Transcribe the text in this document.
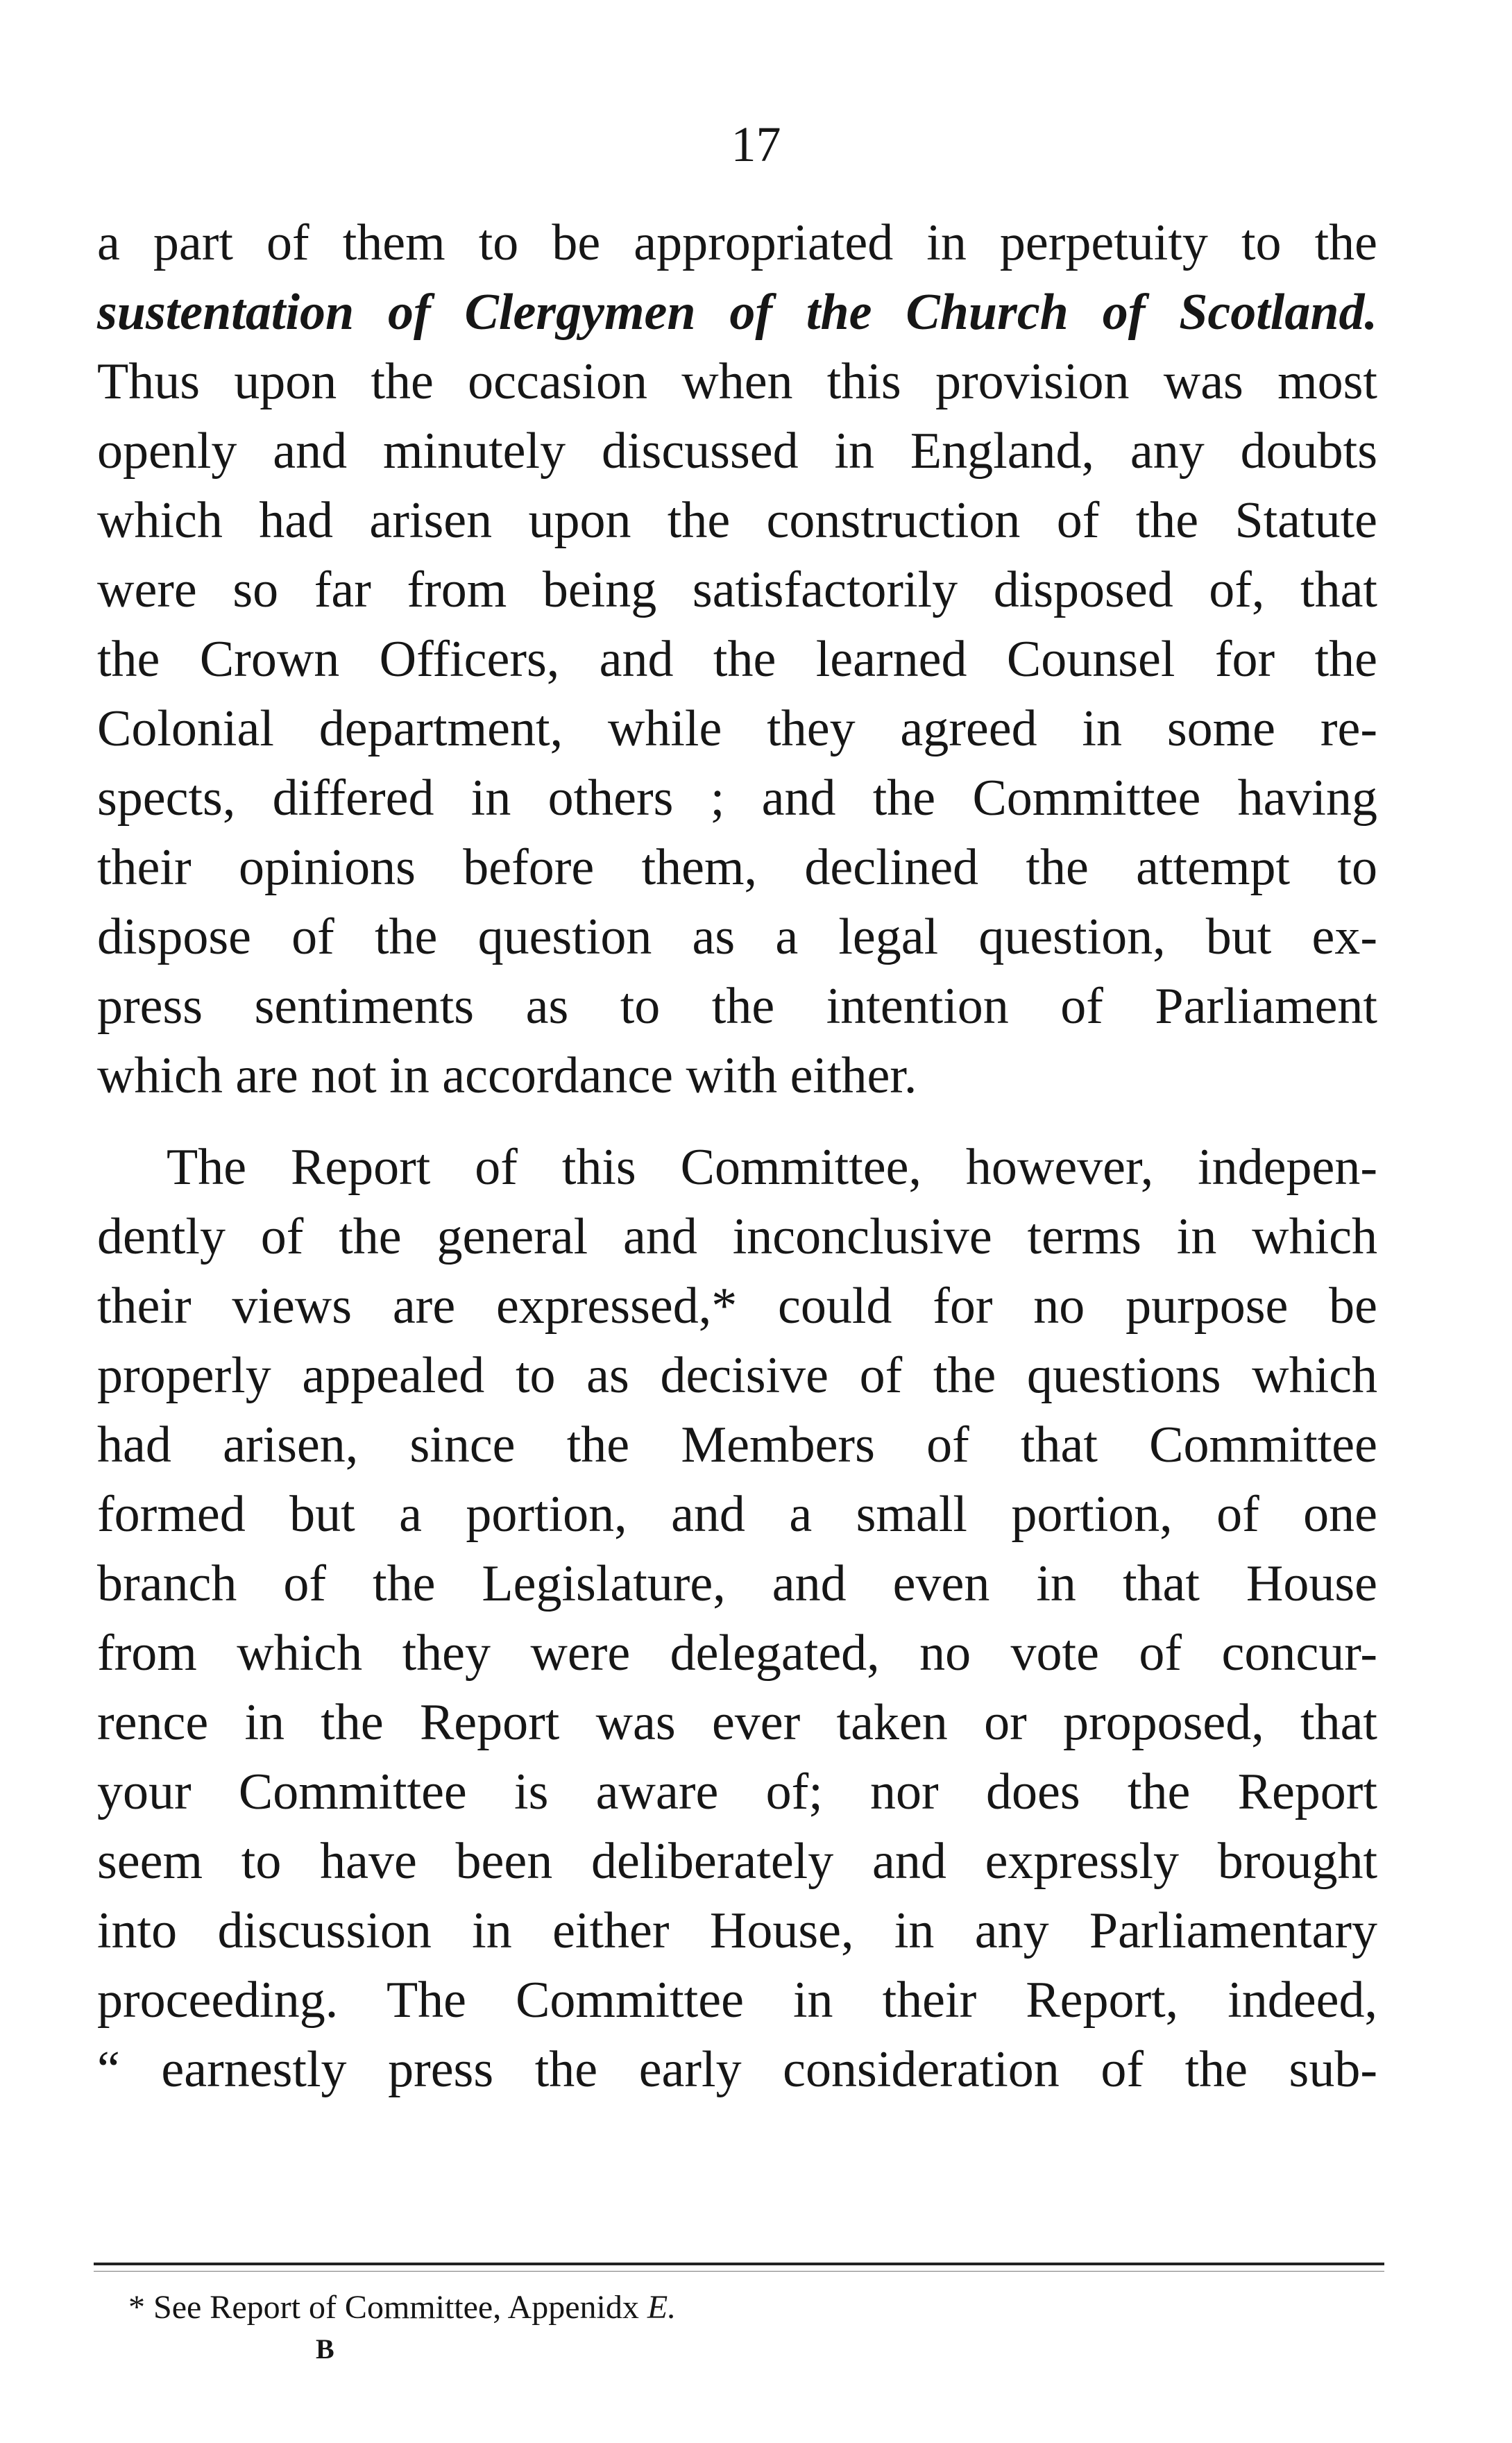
17
a part of them to be appropriated in perpetuity to the
sustentation of Clergymen of the Church of Scotland.
Thus upon the occasion when this provision was most
openly and minutely discussed in England, any doubts
which had arisen upon the construction of the Statute
were so far from being satisfactorily disposed of, that
the Crown Officers, and the learned Counsel for the
Colonial department, while they agreed in some re-
spects, differed in others ; and the Committee having
their opinions before them, declined the attempt to
dispose of the question as a legal question, but ex-
press sentiments as to the intention of Parliament
which are not in accordance with either.
The Report of this Committee, however, indepen-
dently of the general and inconclusive terms in which
their views are expressed,* could for no purpose be
properly appealed to as decisive of the questions which
had arisen, since the Members of that Committee
formed but a portion, and a small portion, of one
branch of the Legislature, and even in that House
from which they were delegated, no vote of concur-
rence in the Report was ever taken or proposed, that
your Committee is aware of; nor does the Report
seem to have been deliberately and expressly brought
into discussion in either House, in any Parliamentary
proceeding. The Committee in their Report, indeed,
“ earnestly press the early consideration of the sub-
* See Report of Committee, Appenidx E.
B
